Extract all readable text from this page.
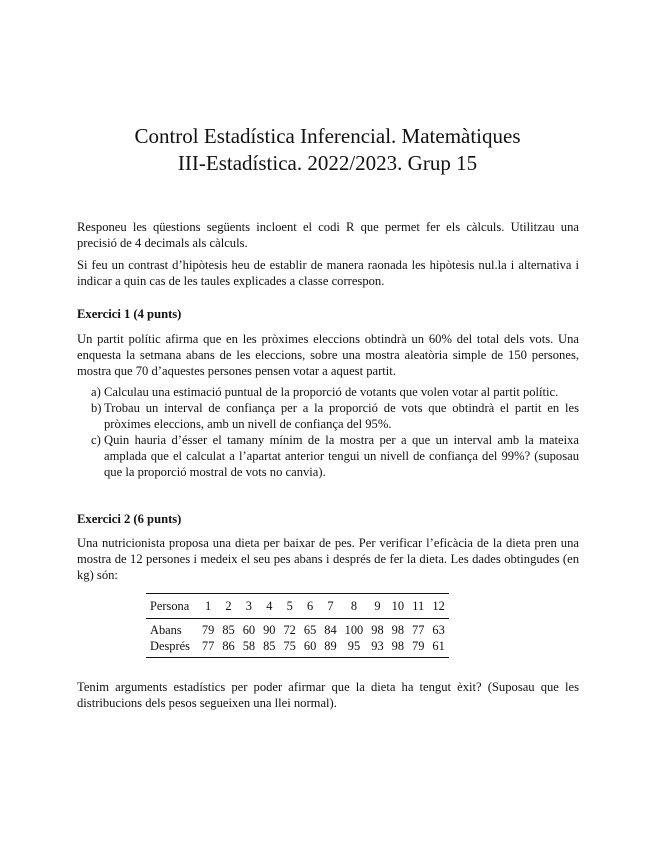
Control Estadística Inferencial. Matemàtiques
III-Estadística. 2022/2023. Grup 15
Responeu les qüestions següents incloent el codi R que permet fer els càlculs. Utilitzau una precisió de 4 decimals als càlculs.
Si feu un contrast d’hipòtesis heu de establir de manera raonada les hipòtesis nul.la i alternativa i indicar a quin cas de les taules explicades a classe correspon.
Exercici 1 (4 punts)
Un partit polític afirma que en les pròximes eleccions obtindrà un 60% del total dels vots. Una enquesta la setmana abans de les eleccions, sobre una mostra aleatòria simple de 150 persones, mostra que 70 d’aquestes persones pensen votar a aquest partit.
a) Calculau una estimació puntual de la proporció de votants que volen votar al partit polític.
b) Trobau un interval de confiança per a la proporció de vots que obtindrà el partit en les pròximes eleccions, amb un nivell de confiança del 95%.
c) Quin hauria d’ésser el tamany mínim de la mostra per a que un interval amb la mateixa amplada que el calculat a l’apartat anterior tengui un nivell de confiança del 99%? (suposau que la proporció mostral de vots no canvia).
Exercici 2 (6 punts)
Una nutricionista proposa una dieta per baixar de pes. Per verificar l’eficàcia de la dieta pren una mostra de 12 persones i medeix el seu pes abans i després de fer la dieta. Les dades obtingudes (en kg) són:
Persona	1	2	3	4	5	6	7	8	9	10	11	12
Abans	79	85	60	90	72	65	84	100	98	98	77	63
Després	77	86	58	85	75	60	89	95	93	98	79	61
Tenim arguments estadístics per poder afirmar que la dieta ha tengut èxit? (Suposau que les distribucions dels pesos segueixen una llei normal).
